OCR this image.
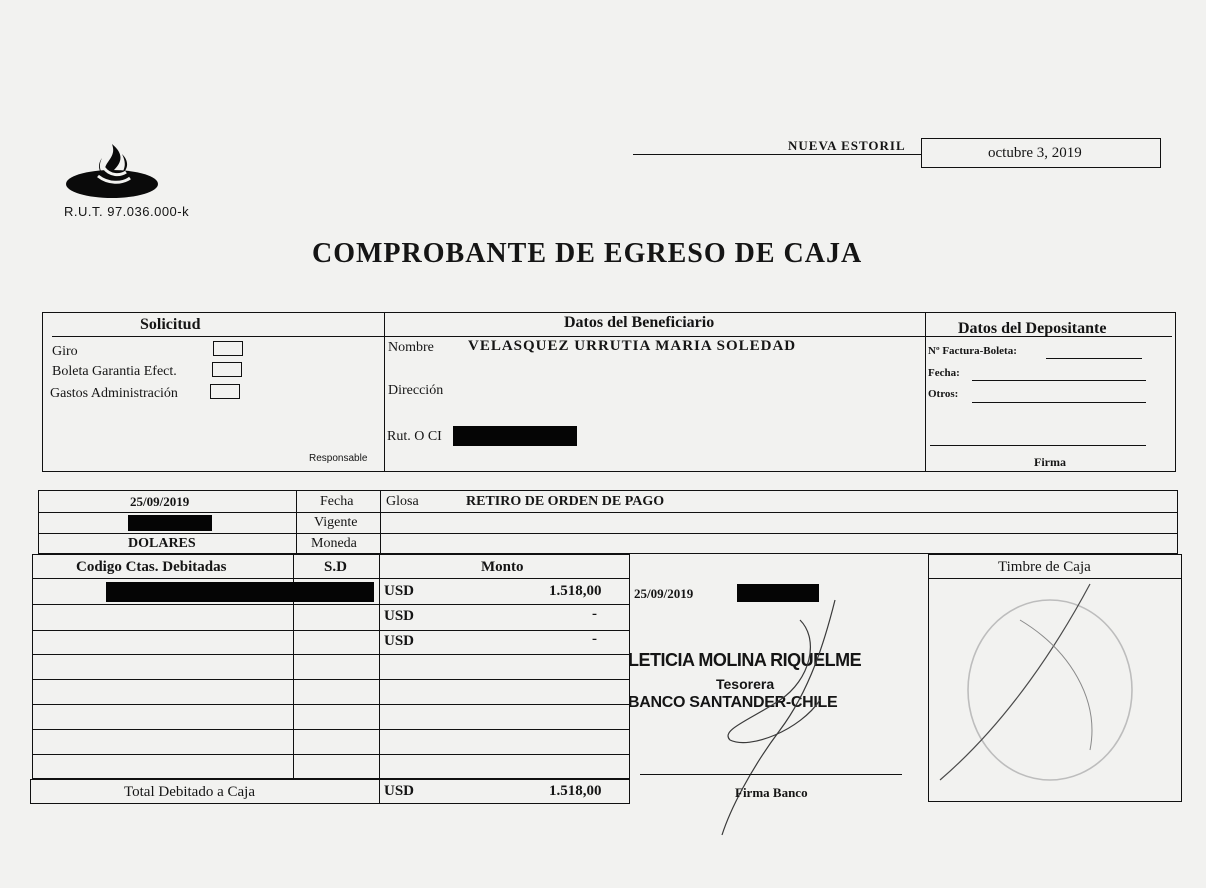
R.U.T. 97.036.000-k
NUEVA ESTORIL	octubre 3, 2019
COMPROBANTE DE EGRESO DE CAJA
Solicitud
Giro
Boleta Garantia Efect.
Gastos Administración
Responsable
Datos del Beneficiario
Nombre VELASQUEZ URRUTIA MARIA SOLEDAD
Dirección
Rut. O CI
Datos del Depositante
Nº Factura-Boleta:
Fecha:
Otros:
Firma
25/09/2019	Fecha Glosa	RETIRO DE ORDEN DE PAGO
Vigente
DOLARES	Moneda
Codigo Ctas. Debitadas	S.D	Monto
USD	1.518,00
USD	-
USD	-
Total Debitado a Caja	USD	1.518,00
25/09/2019
LETICIA MOLINA RIQUELME
Tesorera
BANCO SANTANDER-CHILE
Firma Banco
Timbre de Caja
